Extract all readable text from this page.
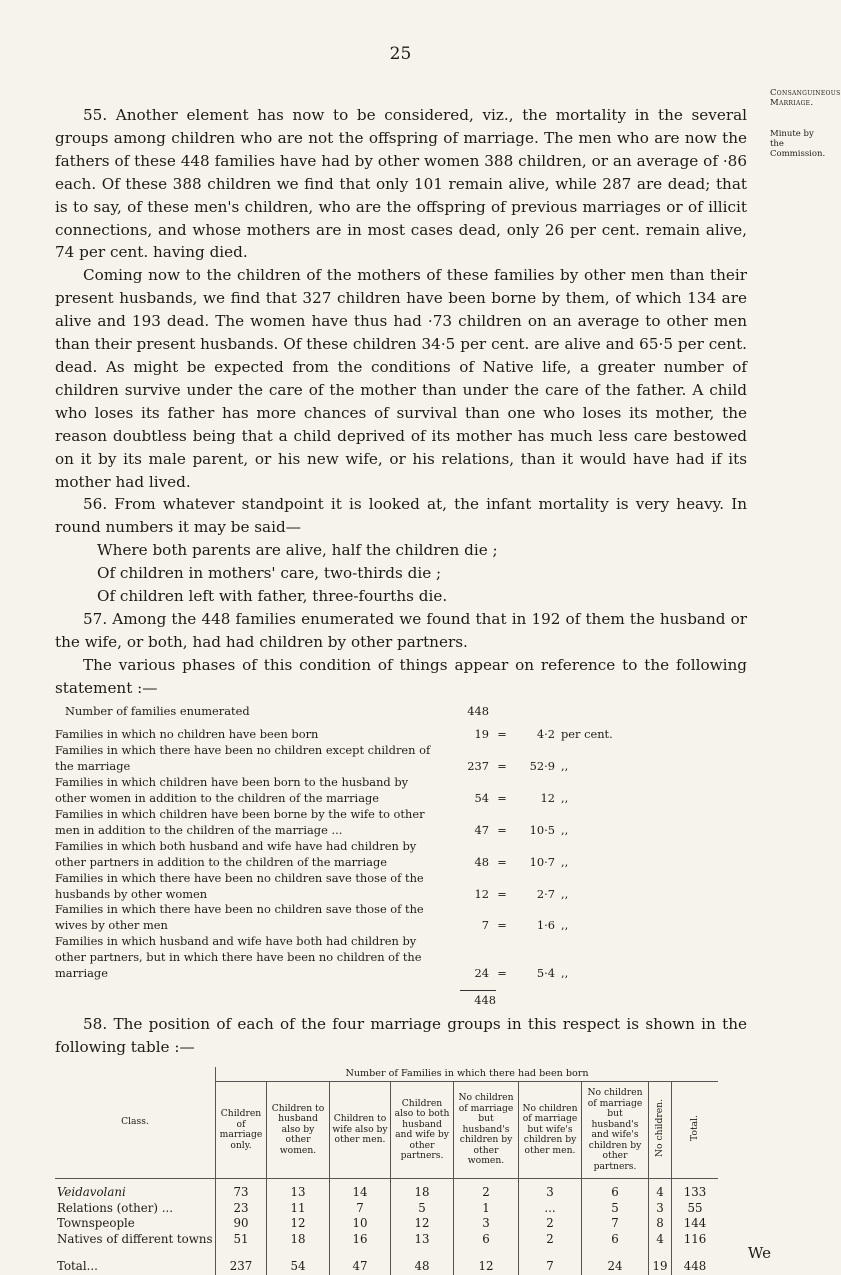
25
Consanguineous Marriage.
Minute by the Commission.

55. Another element has now to be considered, viz., the mortality in the several groups among children who are not the offspring of marriage. The men who are now the fathers of these 448 families have had by other women 388 children, or an average of ·86 each. Of these 388 children we find that only 101 remain alive, while 287 are dead; that is to say, of these men's children, who are the offspring of previous marriages or of illicit connections, and whose mothers are in most cases dead, only 26 per cent. remain alive, 74 per cent. having died.

Coming now to the children of the mothers of these families by other men than their present husbands, we find that 327 children have been borne by them, of which 134 are alive and 193 dead. The women have thus had ·73 children on an average to other men than their present husbands. Of these children 34·5 per cent. are alive and 65·5 per cent. dead. As might be expected from the conditions of Native life, a greater number of children survive under the care of the mother than under the care of the father. A child who loses its father has more chances of survival than one who loses its mother, the reason doubtless being that a child deprived of its mother has much less care bestowed on it by its male parent, or his new wife, or his relations, than it would have had if its mother had lived.

56. From whatever standpoint it is looked at, the infant mortality is very heavy. In round numbers it may be said—

Where both parents are alive, half the children die ;

Of children in mothers' care, two-thirds die ;

Of children left with father, three-fourths die.

57. Among the 448 families enumerated we found that in 192 of them the husband or the wife, or both, had had children by other partners.

The various phases of this condition of things appear on reference to the following statement :—

Number of families enumerated	448
Families in which no children have been born	19 =	4·2 per cent.
Families in which there have been no children except children of the marriage	237 =	52·9 ,,
Families in which children have been born to the husband by other women in addition to the children of the marriage	54 =	12 ,,
Families in which children have been borne by the wife to other men in addition to the children of the marriage ...	47 =	10·5 ,,
Families in which both husband and wife have had children by other partners in addition to the children of the marriage	48 =	10·7 ,,
Families in which there have been no children save those of the husbands by other women	12 =	2·7 ,,
Families in which there have been no children save those of the wives by other men	7 =	1·6 ,,
Families in which husband and wife have both had children by other partners, but in which there have been no children of the marriage	24 =	5·4 ,,
448

58. The position of each of the four marriage groups in this respect is shown in the following table :—

Class.	Number of Families in which there had been born								
	Children of marriage only.	Children to husband also by other women.	Children to wife also by other men.	Children also to both husband and wife by other partners.	No children of marriage but husband's children by other women.	No children of marriage but wife's children by other men.	No children of marriage but husband's and wife's children by other partners.	No children.	Total.

Veidavolani	73	13	14	18	2	3	6	4	133
Relations (other) ...	23	11	7	5	1	...	5	3	55
Townspeople	90	12	10	12	3	2	7	8	144
Natives of different towns	51	18	16	13	6	2	6	4	116

Total...	237	54	47	48	12	7	24	19	448
We
